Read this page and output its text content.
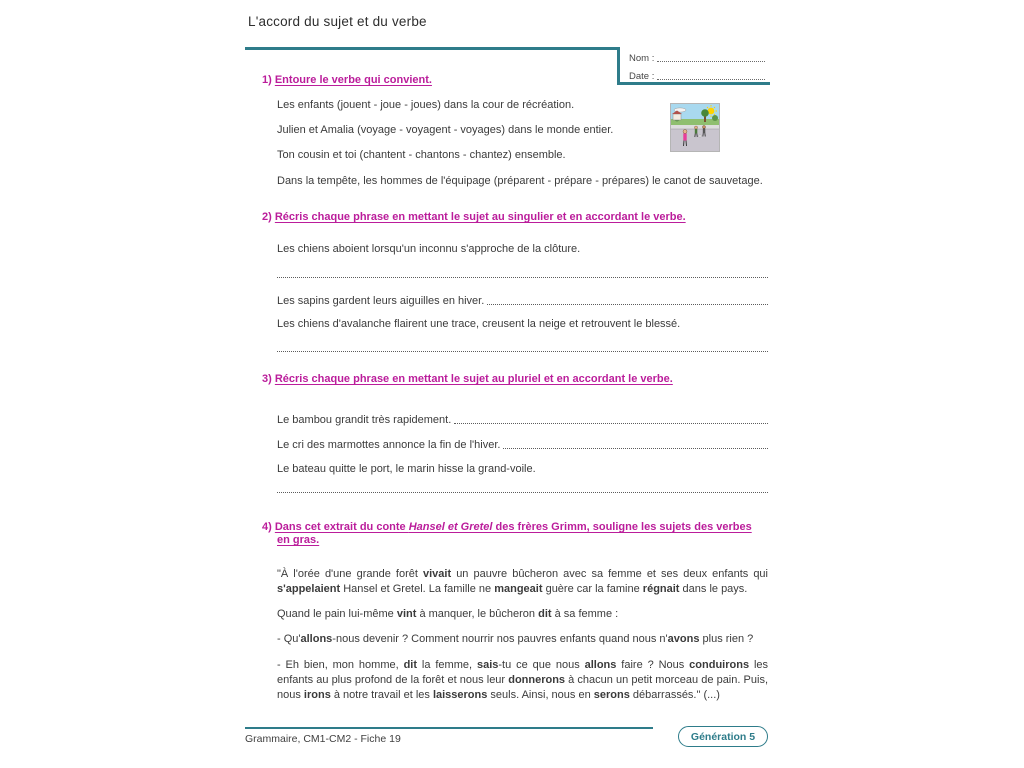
L'accord du sujet et du verbe
Nom :
Date :
1) Entoure le verbe qui convient.
Les enfants (jouent - joue - joues) dans la cour de récréation.
Julien et Amalia (voyage - voyagent - voyages) dans le monde entier.
Ton cousin et toi (chantent - chantons - chantez) ensemble.
Dans la tempête, les hommes de l'équipage (préparent - prépare - prépares) le canot de sauvetage.
2) Récris chaque phrase en mettant le sujet au singulier et en accordant le verbe.
Les chiens aboient lorsqu'un inconnu s'approche de la clôture.
Les sapins gardent leurs aiguilles en hiver.
Les chiens d'avalanche flairent une trace, creusent la neige et retrouvent le blessé.
3) Récris chaque phrase en mettant le sujet au pluriel et en accordant le verbe.
Le bambou grandit très rapidement.
Le cri des marmottes annonce la fin de l'hiver.
Le bateau quitte le port, le marin hisse la grand-voile.
4) Dans cet extrait du conte Hansel et Gretel des frères Grimm, souligne les sujets des verbes en gras.
"À l'orée d'une grande forêt vivait un pauvre bûcheron avec sa femme et ses deux enfants qui s'appelaient Hansel et Gretel. La famille ne mangeait guère car la famine régnait dans le pays.
Quand le pain lui-même vint à manquer, le bûcheron dit à sa femme :
- Qu'allons-nous devenir ? Comment nourrir nos pauvres enfants quand nous n'avons plus rien ?
- Eh bien, mon homme, dit la femme, sais-tu ce que nous allons faire ? Nous conduirons les enfants au plus profond de la forêt et nous leur donnerons à chacun un petit morceau de pain. Puis, nous irons à notre travail et les laisserons seuls. Ainsi, nous en serons débarrassés." (...)
Grammaire, CM1-CM2 - Fiche 19	Génération 5
